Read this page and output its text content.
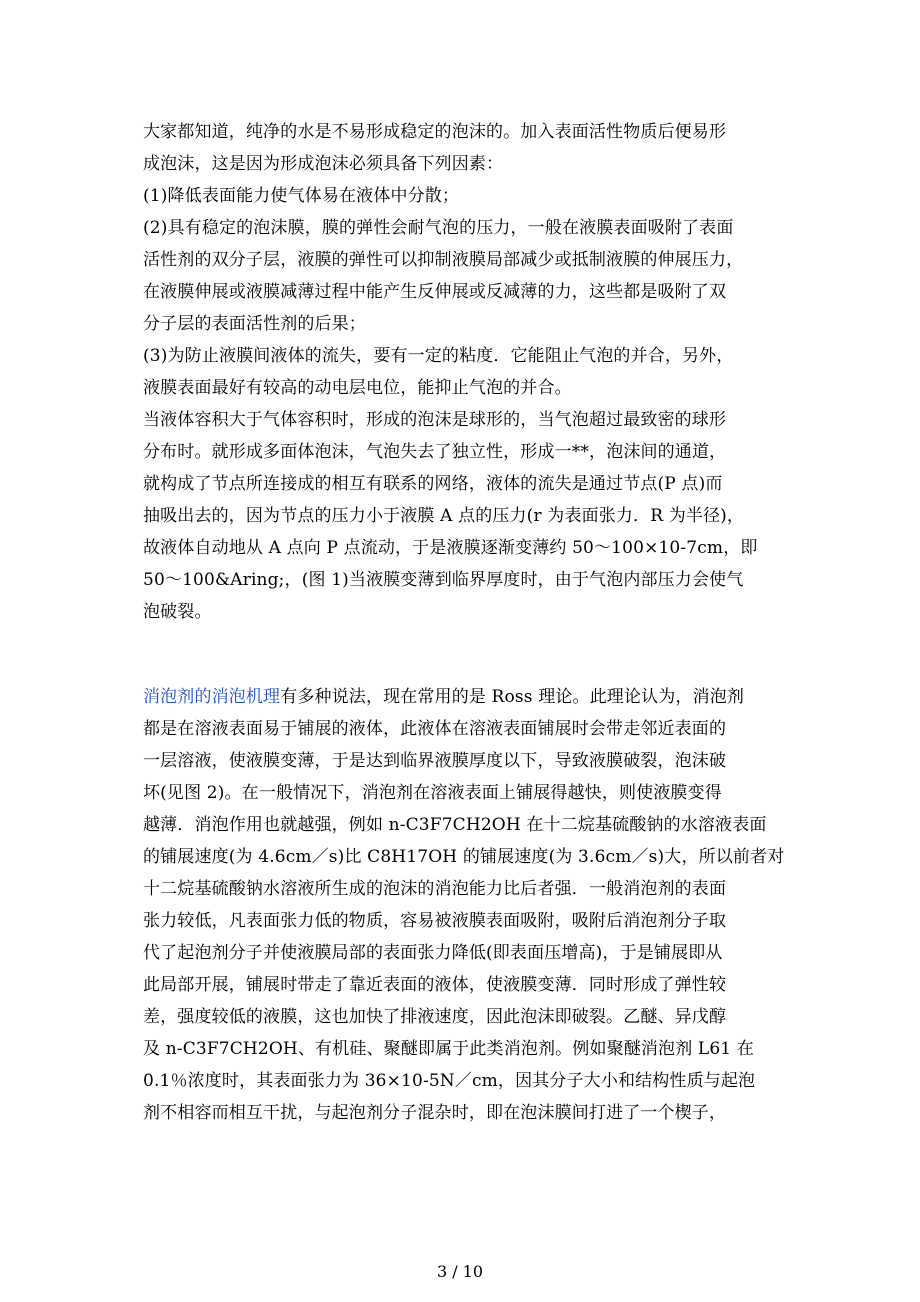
大家都知道，纯净的水是不易形成稳定的泡沫的。加入表面活性物质后便易形
成泡沫，这是因为形成泡沫必须具备下列因素：
(1)降低表面能力使气体易在液体中分散；
(2)具有稳定的泡沫膜，膜的弹性会耐气泡的压力，一般在液膜表面吸附了表面
活性剂的双分子层，液膜的弹性可以抑制液膜局部减少或抵制液膜的伸展压力，
在液膜伸展或液膜减薄过程中能产生反伸展或反减薄的力，这些都是吸附了双
分子层的表面活性剂的后果；
(3)为防止液膜间液体的流失，要有一定的粘度．它能阻止气泡的并合，另外，
液膜表面最好有较高的动电层电位，能抑止气泡的并合。
当液体容积大于气体容积时，形成的泡沫是球形的，当气泡超过最致密的球形
分布时。就形成多面体泡沫，气泡失去了独立性，形成一**，泡沫间的通道，
就构成了节点所连接成的相互有联系的网络，液体的流失是通过节点(P 点)而
抽吸出去的，因为节点的压力小于液膜 A 点的压力(r 为表面张力．R 为半径)，
故液体自动地从 A 点向 P 点流动，于是液膜逐渐变薄约 50～100×10-7cm，即
50～100&Aring;，(图 1)当液膜变薄到临界厚度时，由于气泡内部压力会使气
泡破裂。
消泡剂的消泡机理有多种说法，现在常用的是 Ross 理论。此理论认为，消泡剂
都是在溶液表面易于铺展的液体，此液体在溶液表面铺展时会带走邻近表面的
一层溶液，使液膜变薄，于是达到临界液膜厚度以下，导致液膜破裂，泡沫破
坏(见图 2)。在一般情况下，消泡剂在溶液表面上铺展得越快，则使液膜变得
越薄．消泡作用也就越强，例如 n-C3F7CH2OH 在十二烷基硫酸钠的水溶液表面
的铺展速度(为 4.6cm／s)比 C8H17OH 的铺展速度(为 3.6cm／s)大，所以前者对
十二烷基硫酸钠水溶液所生成的泡沫的消泡能力比后者强．一般消泡剂的表面
张力较低，凡表面张力低的物质，容易被液膜表面吸附，吸附后消泡剂分子取
代了起泡剂分子并使液膜局部的表面张力降低(即表面压增高)，于是铺展即从
此局部开展，铺展时带走了靠近表面的液体，使液膜变薄．同时形成了弹性较
差，强度较低的液膜，这也加快了排液速度，因此泡沫即破裂。乙醚、异戊醇
及 n-C3F7CH2OH、有机硅、聚醚即属于此类消泡剂。例如聚醚消泡剂 L61 在
0.1％浓度时，其表面张力为 36×10-5N／cm，因其分子大小和结构性质与起泡
剂不相容而相互干扰，与起泡剂分子混杂时，即在泡沫膜间打进了一个楔子，
3 / 10
